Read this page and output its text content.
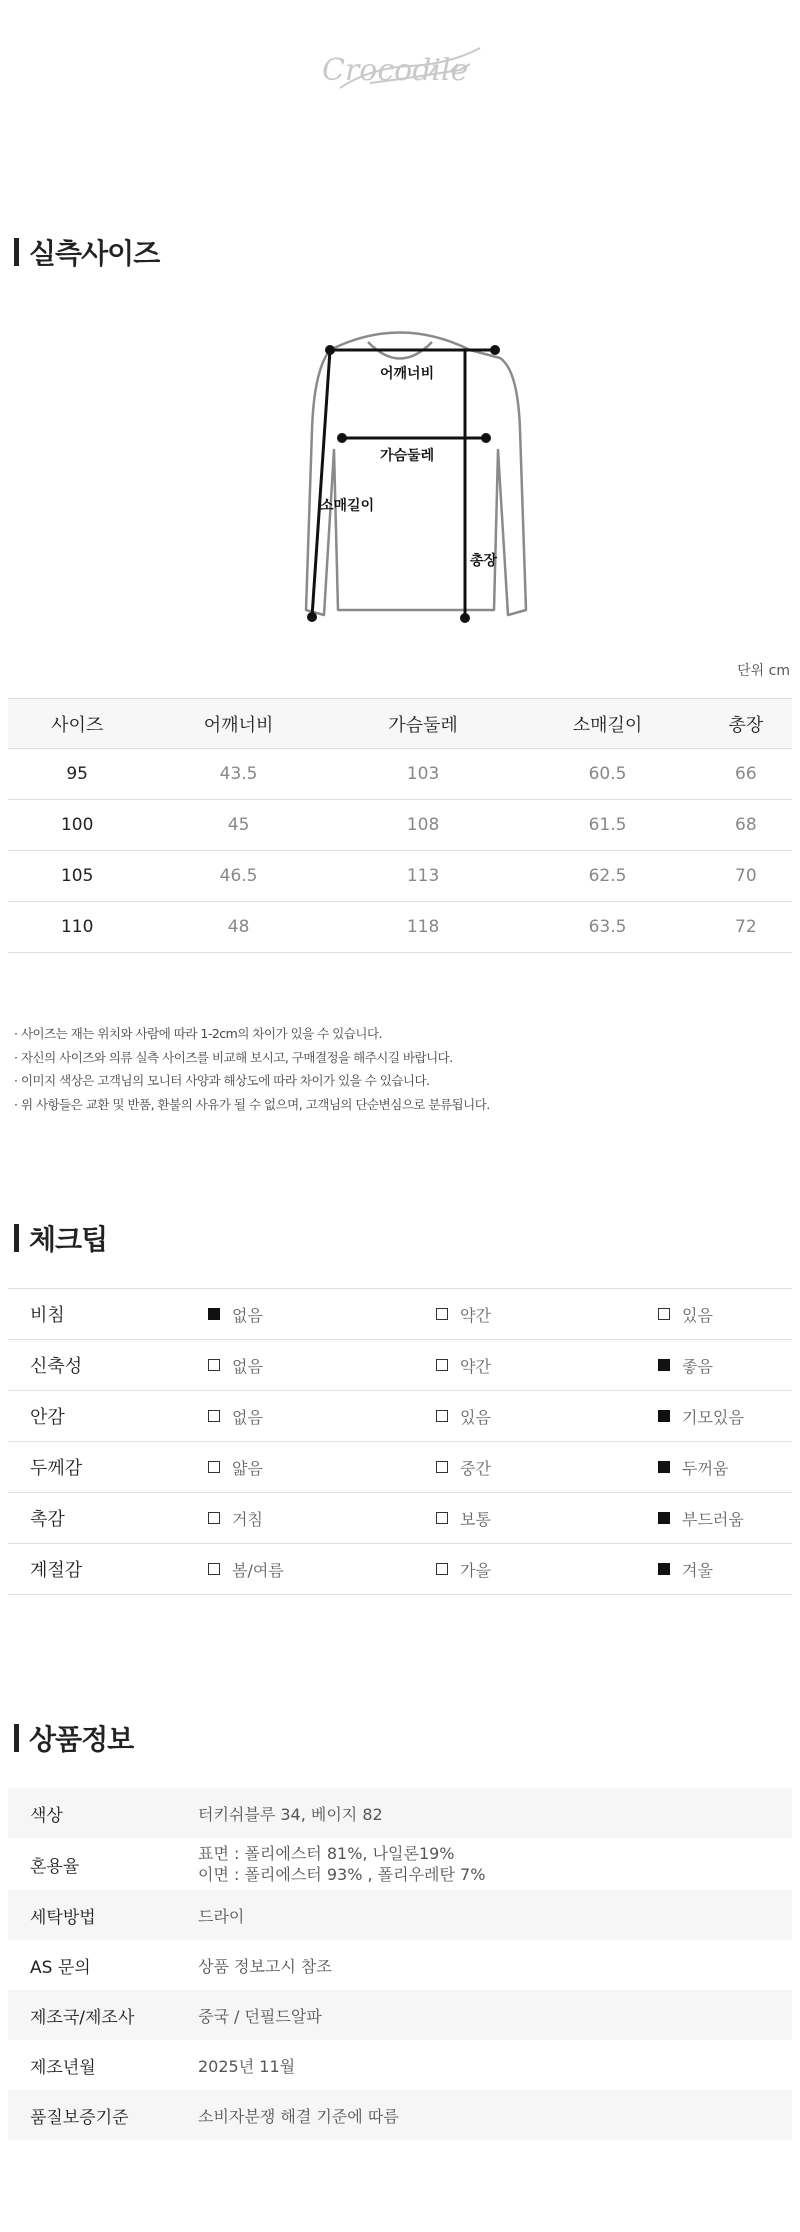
Crocodile
실측사이즈
어깨너비
가슴둘레
소매길이
총장
단위 cm
사이즈	어깨너비	가슴둘레	소매길이	총장
95	43.5	103	60.5	66
100	45	108	61.5	68
105	46.5	113	62.5	70
110	48	118	63.5	72
· 사이즈는 재는 위치와 사람에 따라 1-2cm의 차이가 있을 수 있습니다.
· 자신의 사이즈와 의류 실측 사이즈를 비교해 보시고, 구매결정을 해주시길 바랍니다.
· 이미지 색상은 고객님의 모니터 사양과 해상도에 따라 차이가 있을 수 있습니다.
· 위 사항들은 교환 및 반품, 환불의 사유가 될 수 없으며, 고객님의 단순변심으로 분류됩니다.
체크팁
비침	없음	약간	있음

신축성	없음	약간	좋음

안감	없음	있음	기모있음

두께감	얇음	중간	두꺼움

촉감	거침	보통	부드러움

계절감	봄/여름	가을	겨울
상품정보
색상	터키쉬블루 34, 베이지 82
혼용율	표면 : 폴리에스터 81%, 나일론19%
이면 : 폴리에스터 93% , 폴리우레탄 7%

세탁방법	드라이
AS 문의	상품 정보고시 참조
제조국/제조사	중국 / 던필드알파
제조년월	2025년 11월
품질보증기준	소비자분쟁 해결 기준에 따름
